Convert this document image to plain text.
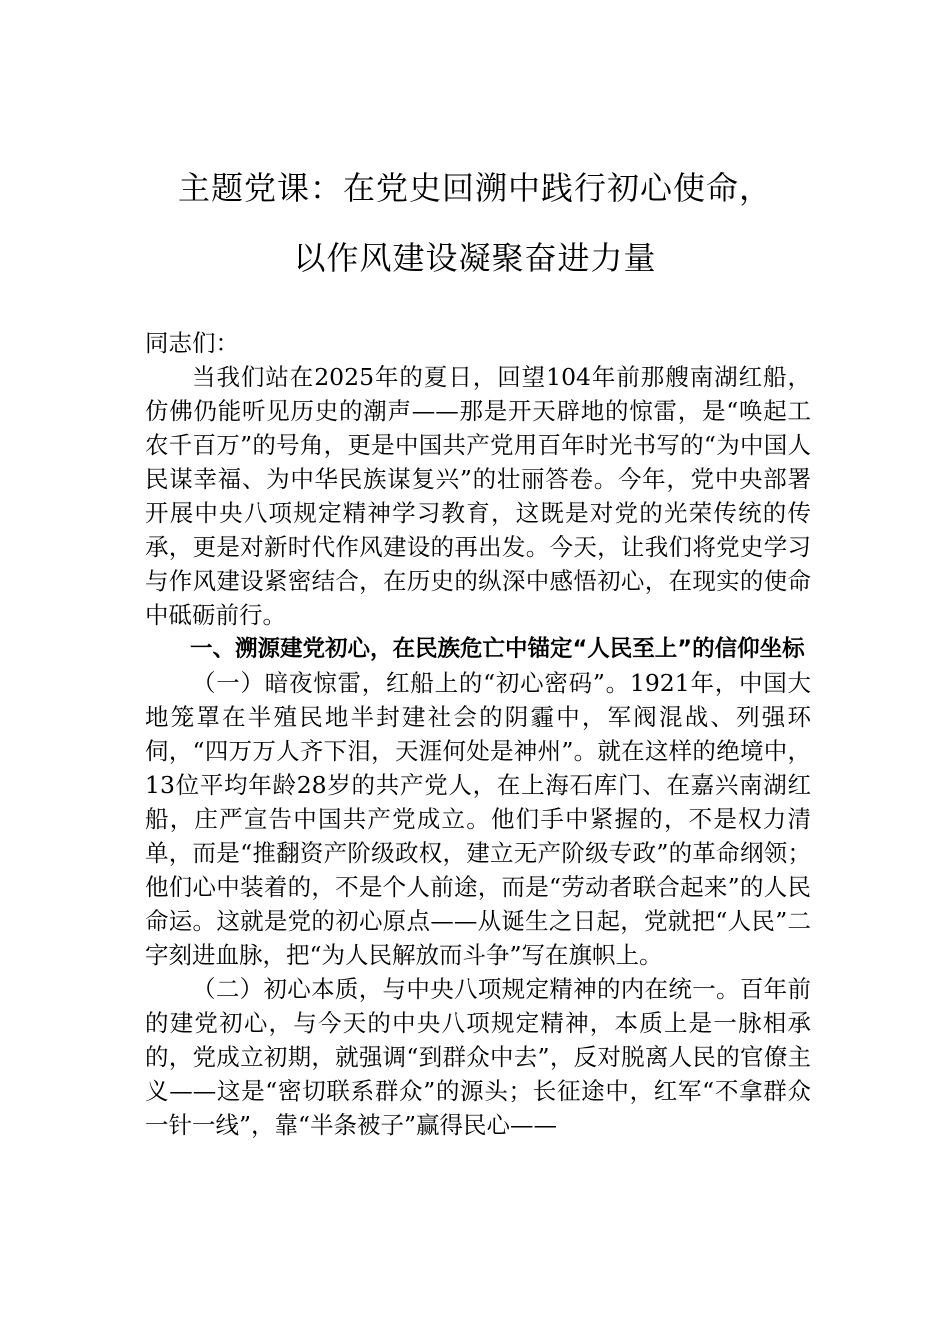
主题党课：在党史回溯中践行初心使命，
以作风建设凝聚奋进力量

同志们：

当我们站在2025年的夏日，回望104年前那艘南湖红船，仿佛仍能听见历史的潮声——那是开天辟地的惊雷，是“唤起工农千百万”的号角，更是中国共产党用百年时光书写的“为中国人民谋幸福、为中华民族谋复兴”的壮丽答卷。今年，党中央部署开展中央八项规定精神学习教育，这既是对党的光荣传统的传承，更是对新时代作风建设的再出发。今天，让我们将党史学习与作风建设紧密结合，在历史的纵深中感悟初心，在现实的使命中砥砺前行。

一、溯源建党初心，在民族危亡中锚定“人民至上”的信仰坐标

（一）暗夜惊雷，红船上的“初心密码”。1921年，中国大地笼罩在半殖民地半封建社会的阴霾中，军阀混战、列强环伺，“四万万人齐下泪，天涯何处是神州”。就在这样的绝境中，13位平均年龄28岁的共产党人，在上海石库门、在嘉兴南湖红船，庄严宣告中国共产党成立。他们手中紧握的，不是权力清单，而是“推翻资产阶级政权，建立无产阶级专政”的革命纲领；他们心中装着的，不是个人前途，而是“劳动者联合起来”的人民命运。这就是党的初心原点——从诞生之日起，党就把“人民”二字刻进血脉，把“为人民解放而斗争”写在旗帜上。

（二）初心本质，与中央八项规定精神的内在统一。百年前的建党初心，与今天的中央八项规定精神，本质上是一脉相承的，党成立初期，就强调“到群众中去”，反对脱离人民的官僚主义——这是“密切联系群众”的源头；长征途中，红军“不拿群众一针一线”，靠“半条被子”赢得民心——
